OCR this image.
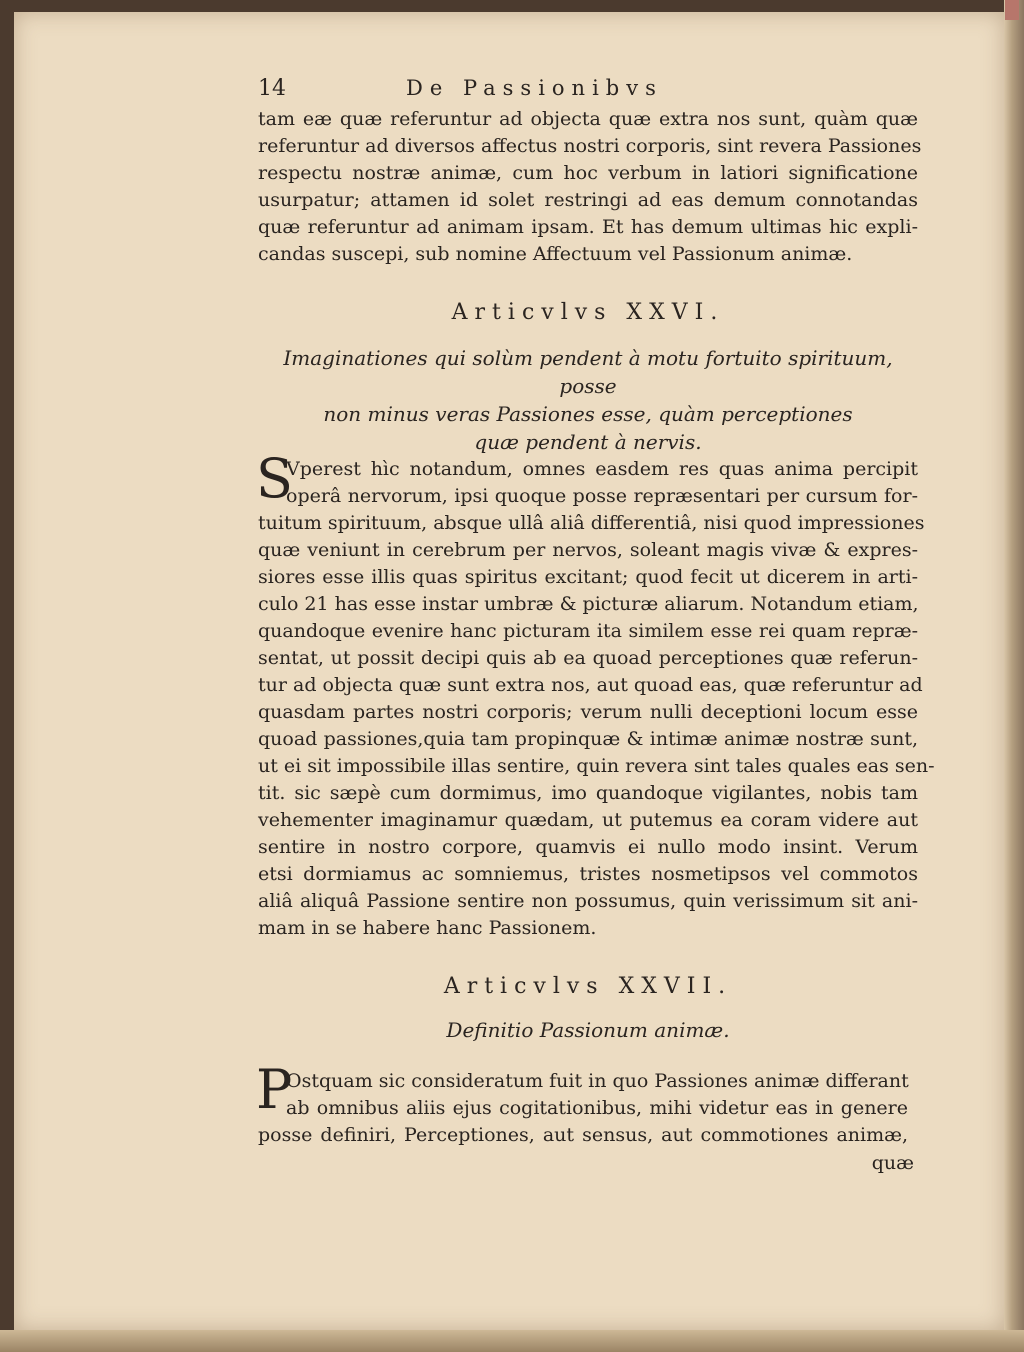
14	De Passionibvs
tam eæ quæ referuntur ad objecta quæ extra nos sunt, quàm quæ
referuntur ad diversos affectus nostri corporis, sint revera Passiones
respectu nostræ animæ, cum hoc verbum in latiori significatione
usurpatur; attamen id solet restringi ad eas demum connotandas
quæ referuntur ad animam ipsam. Et has demum ultimas hic expli-
candas suscepi, sub nomine Affectuum vel Passionum animæ.
Articvlvs XXVI.
Imaginationes qui solùm pendent à motu fortuito spirituum, posse
non minus veras Passiones esse, quàm perceptiones
quæ pendent à nervis.
S
Vperest hìc notandum, omnes easdem res quas anima percipit
operâ nervorum, ipsi quoque posse repræsentari per cursum for-
tuitum spirituum, absque ullâ aliâ differentiâ, nisi quod impressiones
quæ veniunt in cerebrum per nervos, soleant magis vivæ & expres-
siores esse illis quas spiritus excitant; quod fecit ut dicerem in arti-
culo 21 has esse instar umbræ & picturæ aliarum. Notandum etiam,
quandoque evenire hanc picturam ita similem esse rei quam repræ-
sentat, ut possit decipi quis ab ea quoad perceptiones quæ referun-
tur ad objecta quæ sunt extra nos, aut quoad eas, quæ referuntur ad
quasdam partes nostri corporis; verum nulli deceptioni locum esse
quoad passiones,quia tam propinquæ & intimæ animæ nostræ sunt,
ut ei sit impossibile illas sentire, quin revera sint tales quales eas sen-
tit. sic sæpè cum dormimus, imo quandoque vigilantes, nobis tam
vehementer imaginamur quædam, ut putemus ea coram videre aut
sentire in nostro corpore, quamvis ei nullo modo insint. Verum
etsi dormiamus ac somniemus, tristes nosmetipsos vel commotos
aliâ aliquâ Passione sentire non possumus, quin verissimum sit ani-
mam in se habere hanc Passionem.
Articvlvs XXVII.
Definitio Passionum animæ.
P
Ostquam sic consideratum fuit in quo Passiones animæ differant
ab omnibus aliis ejus cogitationibus, mihi videtur eas in genere
posse definiri, Perceptiones, aut sensus, aut commotiones animæ,
quæ
